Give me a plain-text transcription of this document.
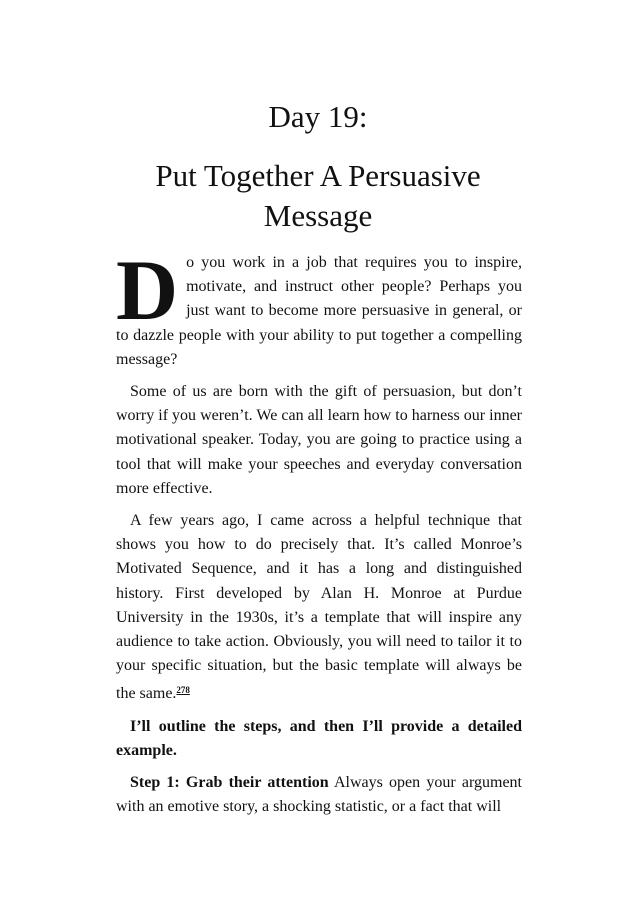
Day 19:
Put Together A Persuasive Message

Do you work in a job that requires you to inspire, motivate, and instruct other people? Perhaps you just want to become more persuasive in general, or to dazzle people with your ability to put together a compelling message?

Some of us are born with the gift of persuasion, but don’t worry if you weren’t. We can all learn how to harness our inner motivational speaker. Today, you are going to practice using a tool that will make your speeches and everyday conversation more effective.

A few years ago, I came across a helpful technique that shows you how to do precisely that. It’s called Monroe’s Motivated Sequence, and it has a long and distinguished history. First developed by Alan H. Monroe at Purdue University in the 1930s, it’s a template that will inspire any audience to take action. Obviously, you will need to tailor it to your specific situation, but the basic template will always be the same.$^{278}$

I’ll outline the steps, and then I’ll provide a detailed example.

Step 1: Grab their attention Always open your argument with an emotive story, a shocking statistic, or a fact that will
